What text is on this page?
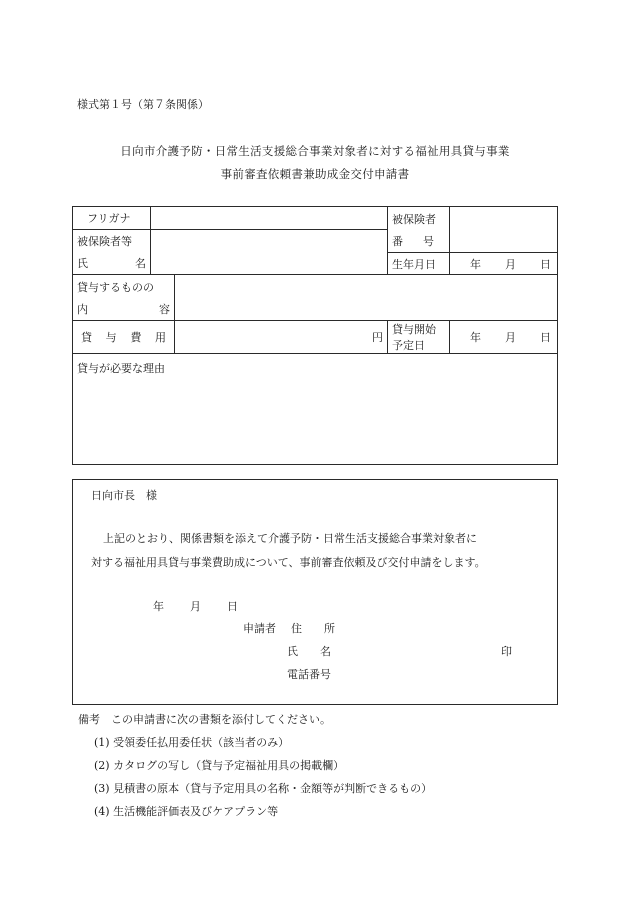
様式第１号（第７条関係）
日向市介護予防・日常生活支援総合事業対象者に対する福祉用具貸与事業
事前審査依頼書兼助成金交付申請書
フリガナ			被保険者
番 号	

被保険者等
氏 名				

			生年月日	年 月 日

貸与するものの
内 容				

貸 与 費 用		円	貸与開始予定日	年 月 日

貸与が必要な理由				
日向市長　様
上記のとおり、関係書類を添えて介護予防・日常生活支援総合事業対象者に
対する福祉用具貸与事業費助成について、事前審査依頼及び交付申請をします。
年 月 日
申請者 住 所
氏 名	印
電話番号
備考　この申請書に次の書類を添付してください。
(1) 受領委任払用委任状（該当者のみ）
(2) カタログの写し（貸与予定福祉用具の掲載欄）
(3) 見積書の原本（貸与予定用具の名称・金額等が判断できるもの）
(4) 生活機能評価表及びケアプラン等
